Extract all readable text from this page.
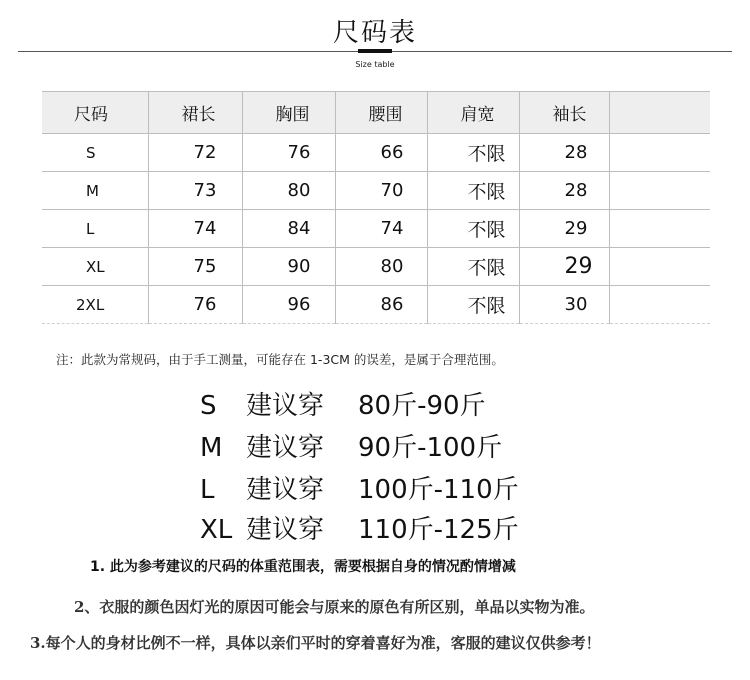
尺码表
Size table
尺码	裙长	胸围	腰围	肩宽	袖长	
S	72	76	66	不限	28	
M	73	80	70	不限	28	
L	74	84	74	不限	29	
XL	75	90	80	不限	29	
2XL	76	96	86	不限	30	
注：此款为常规码，由于手工测量，可能存在 1-3CM 的误差，是属于合理范围。
S 建议穿 80斤-90斤
M 建议穿 90斤-100斤
L 建议穿 100斤-110斤
XL 建议穿 110斤-125斤
1. 此为参考建议的尺码的体重范围表，需要根据自身的情况酌情增减
2、衣服的颜色因灯光的原因可能会与原来的原色有所区别，单品以实物为准。
3.每个人的身材比例不一样，具体以亲们平时的穿着喜好为准，客服的建议仅供参考！
